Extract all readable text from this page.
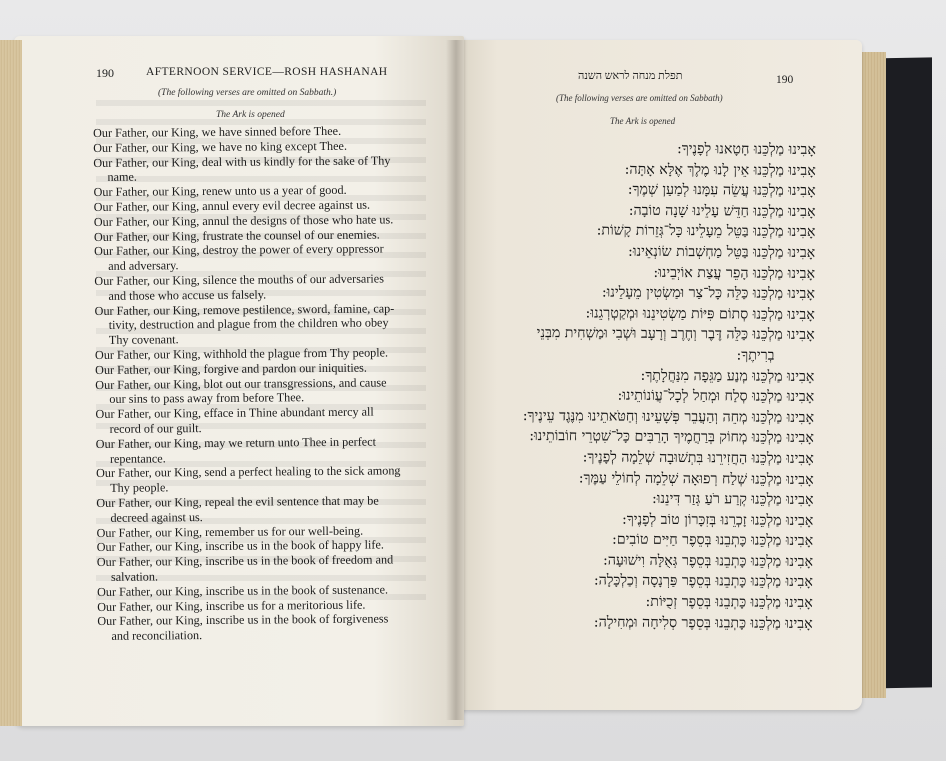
190	AFTERNOON SERVICE—ROSH HASHANAH
(The following verses are omitted on Sabbath.)
The Ark is opened
Our Father, our King, we have sinned before Thee.
Our Father, our King, we have no king except Thee.
Our Father, our King, deal with us kindly for the sake of Thy
name.
Our Father, our King, renew unto us a year of good.
Our Father, our King, annul every evil decree against us.
Our Father, our King, annul the designs of those who hate us.
Our Father, our King, frustrate the counsel of our enemies.
Our Father, our King, destroy the power of every oppressor
and adversary.
Our Father, our King, silence the mouths of our adversaries
and those who accuse us falsely.
Our Father, our King, remove pestilence, sword, famine, cap-
tivity, destruction and plague from the children who obey
Thy covenant.
Our Father, our King, withhold the plague from Thy people.
Our Father, our King, forgive and pardon our iniquities.
Our Father, our King, blot out our transgressions, and cause
our sins to pass away from before Thee.
Our Father, our King, efface in Thine abundant mercy all
record of our guilt.
Our Father, our King, may we return unto Thee in perfect
repentance.
Our Father, our King, send a perfect healing to the sick among
Thy people.
Our Father, our King, repeal the evil sentence that may be
decreed against us.
Our Father, our King, remember us for our well-being.
Our Father, our King, inscribe us in the book of happy life.
Our Father, our King, inscribe us in the book of freedom and
salvation.
Our Father, our King, inscribe us in the book of sustenance.
Our Father, our King, inscribe us for a meritorious life.
Our Father, our King, inscribe us in the book of forgiveness
and reconciliation.
תפלת מנחה לראש השנה	190
(The following verses are omitted on Sabbath)
The Ark is opened
אָבִינוּ מַלְכֵּנוּ חָטָאנוּ לְפָנֶיךָ:
אָבִינוּ מַלְכֵּנוּ אֵין לָנוּ מֶלֶךְ אֶלָּא אָתָּה:
אָבִינוּ מַלְכֵּנוּ עֲשֵׂה עִמָּנוּ לְמַעַן שְׁמֶךָ:
אָבִינוּ מַלְכֵּנוּ חַדֵּשׁ עָלֵינוּ שָׁנָה טוֹבָה:
אָבִינוּ מַלְכֵּנוּ בַּטֵּל מֵעָלֵינוּ כָּל־גְּזֵרוֹת קָשׁוֹת:
אָבִינוּ מַלְכֵּנוּ בַּטֵּל מַחְשְׁבוֹת שׂוֹנְאֵינוּ:
אָבִינוּ מַלְכֵּנוּ הָפֵר עֲצַת אוֹיְבֵינוּ:
אָבִינוּ מַלְכֵּנוּ כַּלֵּה כָּל־צַר וּמַשְׂטִין מֵעָלֵינוּ:
אָבִינוּ מַלְכֵּנוּ סְתוֹם פִּיּוֹת מַשְׂטִינֵנוּ וּמְקַטְרְגֵנוּ:
אָבִינוּ מַלְכֵּנוּ כַּלֵּה דֶּבֶר וְחֶרֶב וְרָעָב וּשְׁבִי וּמַשְׁחִית מִבְּנֵי
בְרִיתֶךָ:
אָבִינוּ מַלְכֵּנוּ מְנַע מַגֵּפָה מִנַּחֲלָתֶךָ:
אָבִינוּ מַלְכֵּנוּ סְלַח וּמְחַל לְכָל־עֲוֹנוֹתֵינוּ:
אָבִינוּ מַלְכֵּנוּ מְחֵה וְהַעֲבֵר פְּשָׁעֵינוּ וְחַטֹּאתֵינוּ מִנֶּגֶד עֵינֶיךָ:
אָבִינוּ מַלְכֵּנוּ מְחוֹק בְּרַחֲמֶיךָ הָרַבִּים כָּל־שִׁטְרֵי חוֹבוֹתֵינוּ:
אָבִינוּ מַלְכֵּנוּ הַחֲזִירֵנוּ בִּתְשׁוּבָה שְׁלֵמָה לְפָנֶיךָ:
אָבִינוּ מַלְכֵּנוּ שְׁלַח רְפוּאָה שְׁלֵמָה לְחוֹלֵי עַמֶּךָ:
אָבִינוּ מַלְכֵּנוּ קְרַע רֹעַ גְּזַר דִּינֵנוּ:
אָבִינוּ מַלְכֵּנוּ זָכְרֵנוּ בְּזִכָּרוֹן טוֹב לְפָנֶיךָ:
אָבִינוּ מַלְכֵּנוּ כָּתְבֵנוּ בְּסֵפֶר חַיִּים טוֹבִים:
אָבִינוּ מַלְכֵּנוּ כָּתְבֵנוּ בְּסֵפֶר גְּאֻלָּה וִישׁוּעָה:
אָבִינוּ מַלְכֵּנוּ כָּתְבֵנוּ בְּסֵפֶר פַּרְנָסָה וְכַלְכָּלָה:
אָבִינוּ מַלְכֵּנוּ כָּתְבֵנוּ בְּסֵפֶר זְכֻיּוֹת:
אָבִינוּ מַלְכֵּנוּ כָּתְבֵנוּ בְּסֵפֶר סְלִיחָה וּמְחִילָה:
